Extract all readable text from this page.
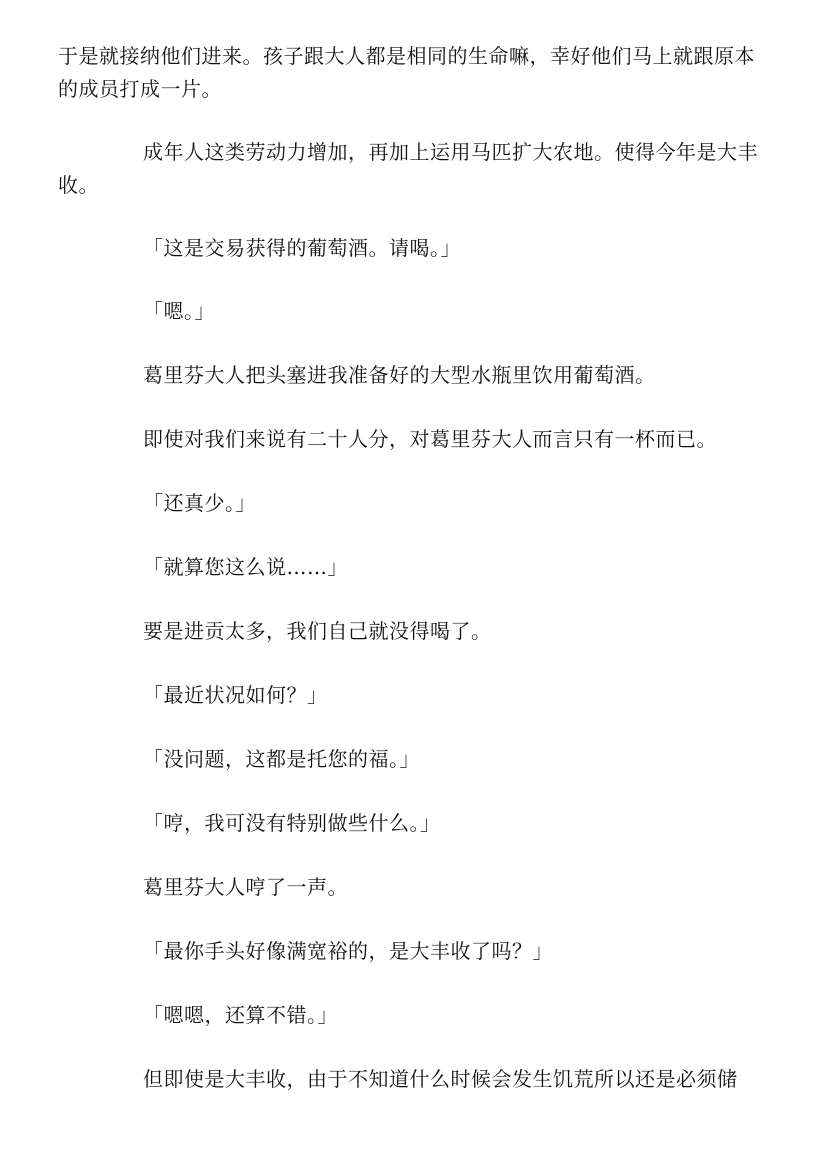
于是就接纳他们进来。孩子跟大人都是相同的生命嘛，幸好他们马上就跟原本的成员打成一片。

成年人这类劳动力增加，再加上运用马匹扩大农地。使得今年是大丰收。

「这是交易获得的葡萄酒。请喝。」

「嗯。」

葛里芬大人把头塞进我准备好的大型水瓶里饮用葡萄酒。

即使对我们来说有二十人分，对葛里芬大人而言只有一杯而已。

「还真少。」

「就算您这么说……」

要是进贡太多，我们自己就没得喝了。

「最近状况如何？」

「没问题，这都是托您的福。」

「哼，我可没有特别做些什么。」

葛里芬大人哼了一声。

「最你手头好像满宽裕的，是大丰收了吗？」

「嗯嗯，还算不错。」

但即使是大丰收，由于不知道什么时候会发生饥荒所以还是必须储
